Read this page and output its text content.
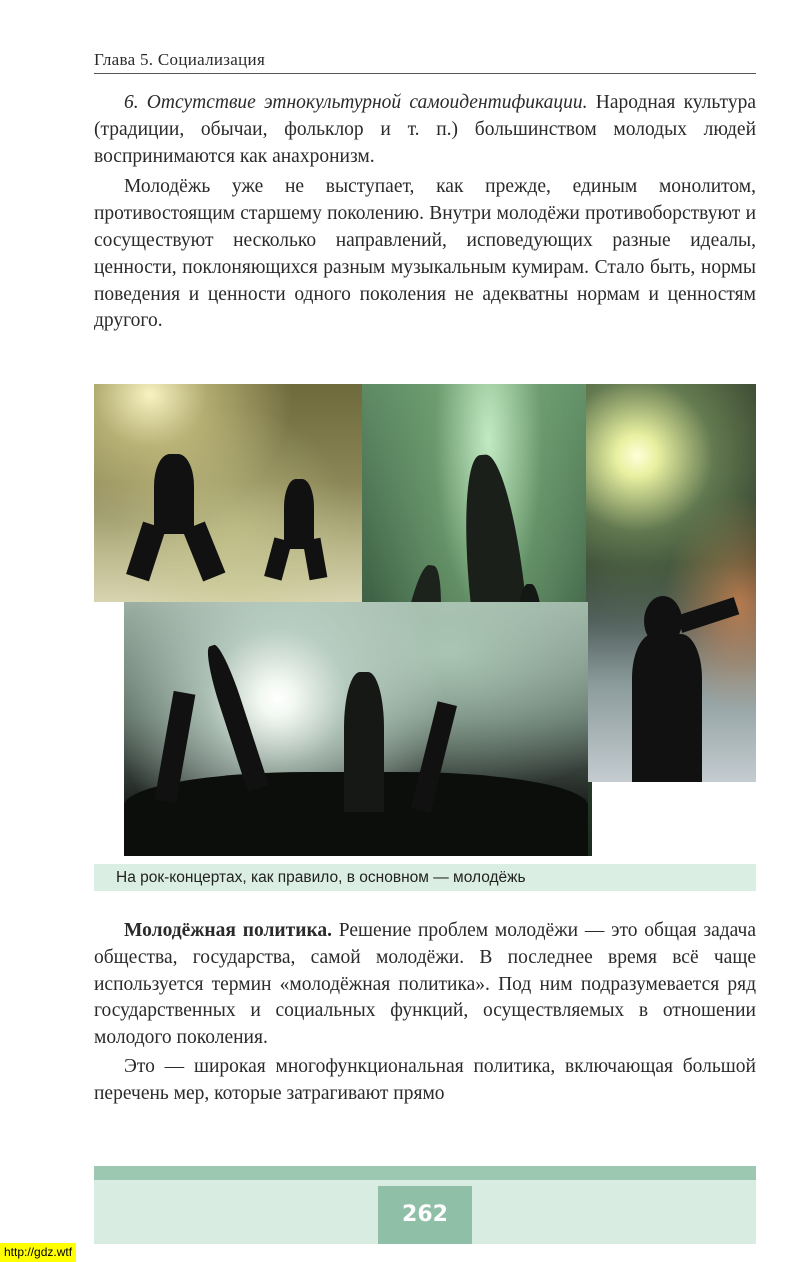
Глава 5. Социализация

6. Отсутствие этнокультурной самоидентификации. Народная культура (традиции, обычаи, фольклор и т. п.) большинством молодых людей воспринимаются как анахронизм.

Молодёжь уже не выступает, как прежде, единым монолитом, противостоящим старшему поколению. Внутри молодёжи противоборствуют и сосуществуют несколько направлений, исповедующих разные идеалы, ценности, поклоняющихся разным музыкальным кумирам. Стало быть, нормы поведения и ценности одного поколения не адекватны нормам и ценностям другого.

На рок-концертах, как правило, в основном — молодёжь

Молодёжная политика. Решение проблем молодёжи — это общая задача общества, государства, самой молодёжи. В последнее время всё чаще используется термин «молодёжная политика». Под ним подразумевается ряд государственных и социальных функций, осуществляемых в отношении молодого поколения.

Это — широкая многофункциональная политика, включающая большой перечень мер, которые затрагивают прямо

262
http://gdz.wtf
